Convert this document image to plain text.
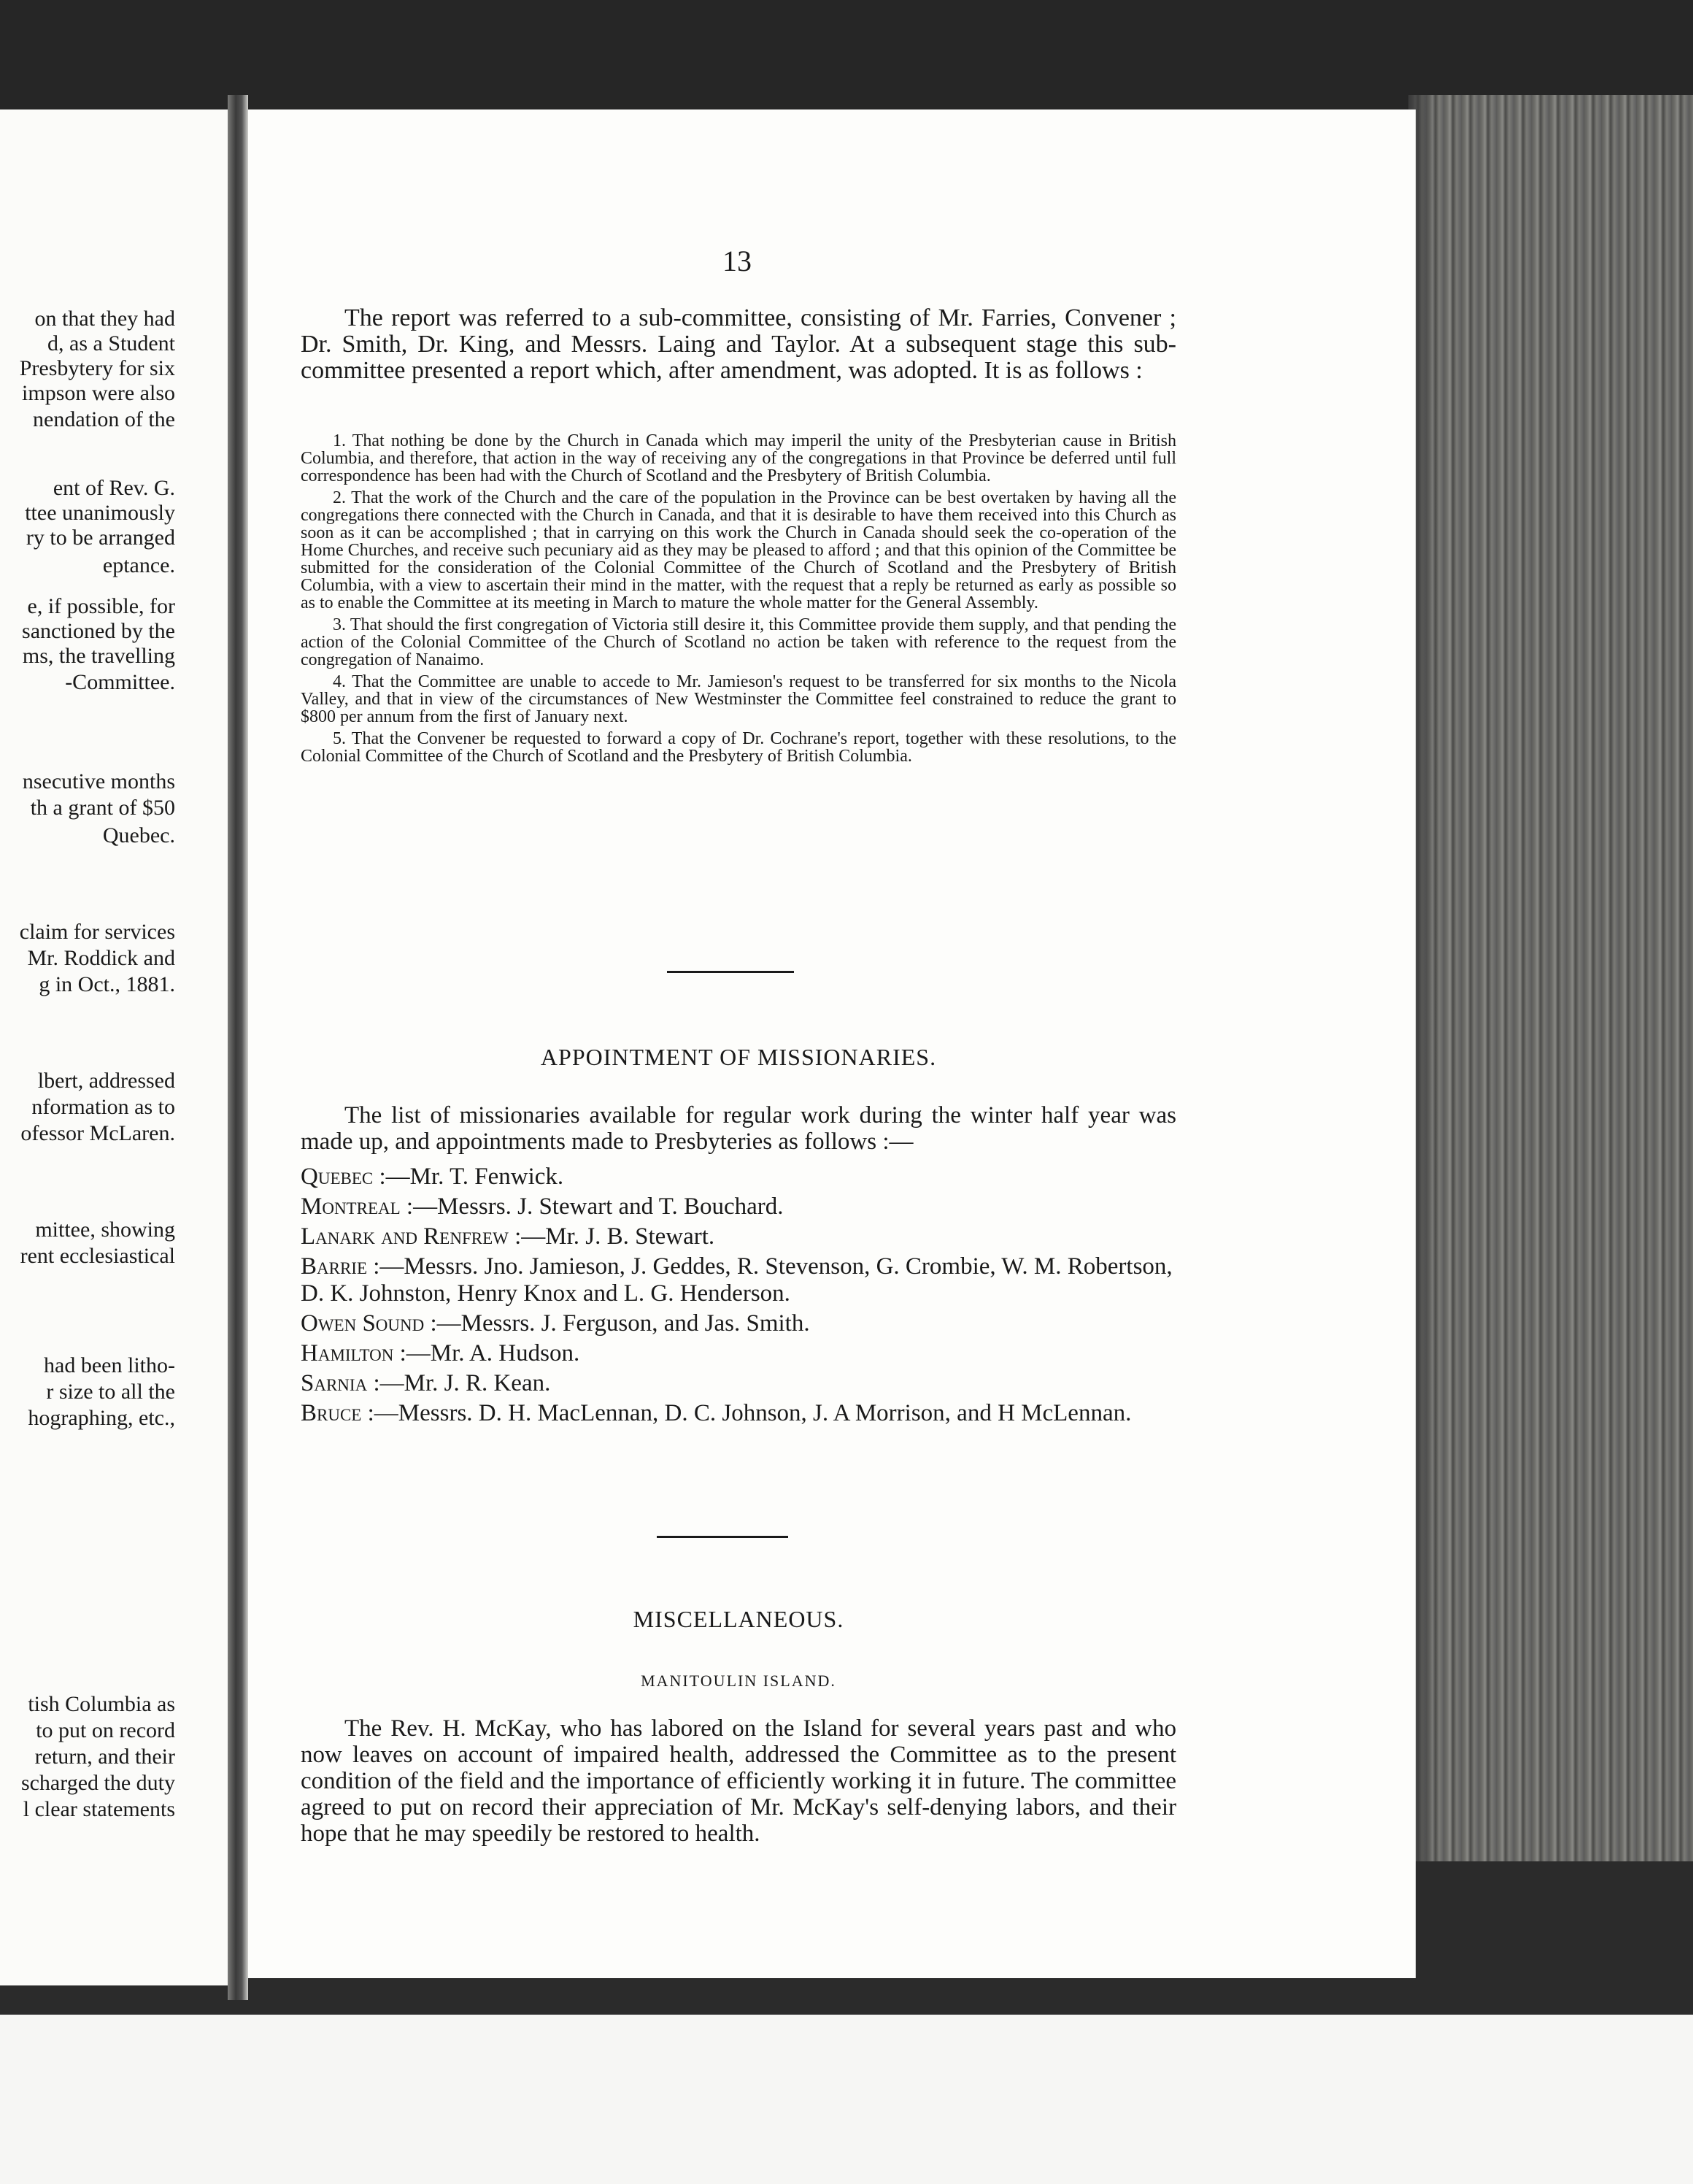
on that they had
d, as a Student
Presbytery for six
impson were also
nendation of the
ent of Rev. G.
ttee unanimously
ry to be arranged
eptance.
e, if possible, for
sanctioned by the
ms, the travelling
-Committee.
nsecutive months
th a grant of $50
Quebec.
claim for services
Mr. Roddick and
g in Oct., 1881.
lbert, addressed
nformation as to
ofessor McLaren.
mittee, showing
rent ecclesiastical
had been litho-
r size to all the
hographing, etc.,
tish Columbia as
to put on record
return, and their
scharged the duty
l clear statements
13

The report was referred to a sub-committee, consisting of Mr. Farries, Convener ; Dr. Smith, Dr. King, and Messrs. Laing and Taylor. At a subsequent stage this sub-committee presented a report which, after amendment, was adopted. It is as follows :

1. That nothing be done by the Church in Canada which may imperil the unity of the Presbyterian cause in British Columbia, and therefore, that action in the way of receiving any of the congregations in that Province be deferred until full correspondence has been had with the Church of Scotland and the Presbytery of British Columbia.

2. That the work of the Church and the care of the population in the Province can be best overtaken by having all the congregations there connected with the Church in Canada, and that it is desirable to have them received into this Church as soon as it can be accomplished ; that in carrying on this work the Church in Canada should seek the co-operation of the Home Churches, and receive such pecuniary aid as they may be pleased to afford ; and that this opinion of the Committee be submitted for the consideration of the Colonial Committee of the Church of Scotland and the Presbytery of British Columbia, with a view to ascertain their mind in the matter, with the request that a reply be returned as early as possible so as to enable the Committee at its meeting in March to mature the whole matter for the General Assembly.

3. That should the first congregation of Victoria still desire it, this Committee provide them supply, and that pending the action of the Colonial Committee of the Church of Scotland no action be taken with reference to the request from the congregation of Nanaimo.

4. That the Committee are unable to accede to Mr. Jamieson's request to be transferred for six months to the Nicola Valley, and that in view of the circumstances of New Westminster the Committee feel constrained to reduce the grant to $800 per annum from the first of January next.

5. That the Convener be requested to forward a copy of Dr. Cochrane's report, together with these resolutions, to the Colonial Committee of the Church of Scotland and the Presbytery of British Columbia.

APPOINTMENT OF MISSIONARIES.

The list of missionaries available for regular work during the winter half year was made up, and appointments made to Presbyteries as follows :—

Quebec :—Mr. T. Fenwick.

Montreal :—Messrs. J. Stewart and T. Bouchard.

Lanark and Renfrew :—Mr. J. B. Stewart.

Barrie :—Messrs. Jno. Jamieson, J. Geddes, R. Stevenson, G. Crombie, W. M. Robertson, D. K. Johnston, Henry Knox and L. G. Henderson.

Owen Sound :—Messrs. J. Ferguson, and Jas. Smith.

Hamilton :—Mr. A. Hudson.

Sarnia :—Mr. J. R. Kean.

Bruce :—Messrs. D. H. MacLennan, D. C. Johnson, J. A Morrison, and H McLennan.

MISCELLANEOUS.
MANITOULIN ISLAND.

The Rev. H. McKay, who has labored on the Island for several years past and who now leaves on account of impaired health, addressed the Committee as to the present condition of the field and the importance of efficiently working it in future. The committee agreed to put on record their appreciation of Mr. McKay's self-denying labors, and their hope that he may speedily be restored to health.
